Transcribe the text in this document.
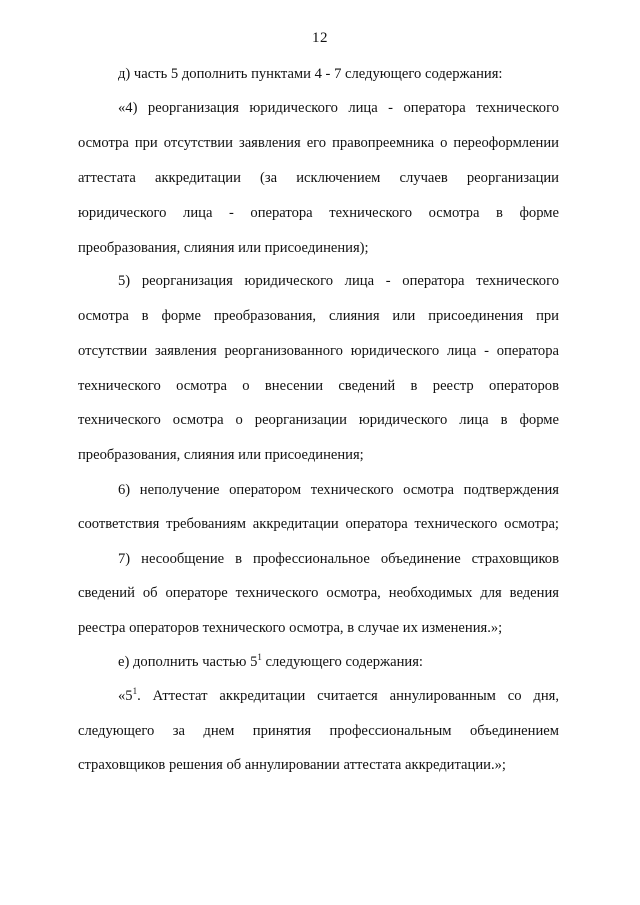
12
д) часть 5 дополнить пунктами 4 - 7 следующего содержания:
«4) реорганизация юридического лица - оператора технического
осмотра при отсутствии заявления его правопреемника о переоформлении
аттестата аккредитации (за исключением случаев реорганизации
юридического лица - оператора технического осмотра в форме
преобразования, слияния или присоединения);
5) реорганизация юридического лица - оператора технического
осмотра в форме преобразования, слияния или присоединения при
отсутствии заявления реорганизованного юридического лица - оператора
технического осмотра о внесении сведений в реестр операторов
технического осмотра о реорганизации юридического лица в форме
преобразования, слияния или присоединения;
6) неполучение оператором технического осмотра подтверждения
соответствия требованиям аккредитации оператора технического осмотра;
7) несообщение в профессиональное объединение страховщиков
сведений об операторе технического осмотра, необходимых для ведения
реестра операторов технического осмотра, в случае их изменения.»;
е) дополнить частью $5^1$ следующего содержания:
«$5^1$. Аттестат аккредитации считается аннулированным со дня,
следующего за днем принятия профессиональным объединением
страховщиков решения об аннулировании аттестата аккредитации.»;
